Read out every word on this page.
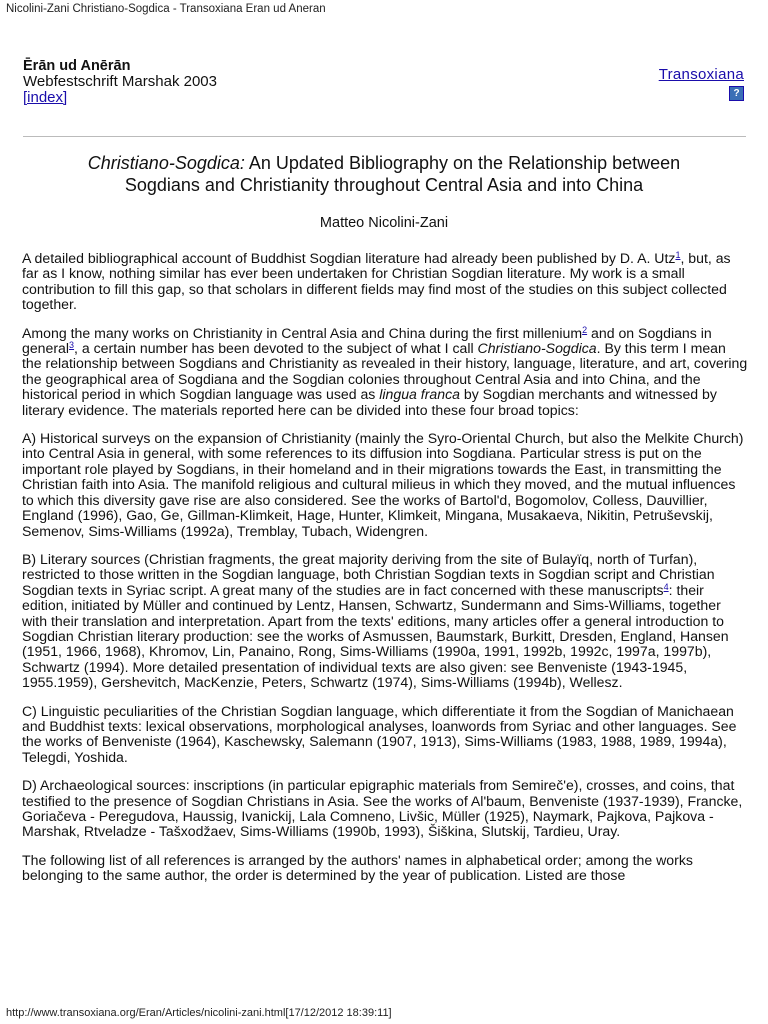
Nicolini-Zani Christiano-Sogdica - Transoxiana Eran ud Aneran
Ērān ud Anērān
Webfestschrift Marshak 2003
[index]
Transoxiana
?
Christiano-Sogdica: An Updated Bibliography on the Relationship between
Sogdians and Christianity throughout Central Asia and into China
Matteo Nicolini-Zani

A detailed bibliographical account of Buddhist Sogdian literature had already been published by D. A. Utz$^1$, but, as far as I know, nothing similar has ever been undertaken for Christian Sogdian literature. My work is a small contribution to fill this gap, so that scholars in different fields may find most of the studies on this subject collected together.

Among the many works on Christianity in Central Asia and China during the first millenium$^2$ and on Sogdians in general$^3$, a certain number has been devoted to the subject of what I call Christiano-Sogdica. By this term I mean the relationship between Sogdians and Christianity as revealed in their history, language, literature, and art, covering the geographical area of Sogdiana and the Sogdian colonies throughout Central Asia and into China, and the historical period in which Sogdian language was used as lingua franca by Sogdian merchants and witnessed by literary evidence. The materials reported here can be divided into these four broad topics:

A) Historical surveys on the expansion of Christianity (mainly the Syro-Oriental Church, but also the Melkite Church) into Central Asia in general, with some references to its diffusion into Sogdiana. Particular stress is put on the important role played by Sogdians, in their homeland and in their migrations towards the East, in transmitting the Christian faith into Asia. The manifold religious and cultural milieus in which they moved, and the mutual influences to which this diversity gave rise are also considered. See the works of Bartol'd, Bogomolov, Colless, Dauvillier, England (1996), Gao, Ge, Gillman-Klimkeit, Hage, Hunter, Klimkeit, Mingana, Musakaeva, Nikitin, Petruševskij, Semenov, Sims-Williams (1992a), Tremblay, Tubach, Widengren.

B) Literary sources (Christian fragments, the great majority deriving from the site of Bulayïq, north of Turfan), restricted to those written in the Sogdian language, both Christian Sogdian texts in Sogdian script and Christian Sogdian texts in Syriac script. A great many of the studies are in fact concerned with these manuscripts$^4$: their edition, initiated by Müller and continued by Lentz, Hansen, Schwartz, Sundermann and Sims-Williams, together with their translation and interpretation. Apart from the texts' editions, many articles offer a general introduction to Sogdian Christian literary production: see the works of Asmussen, Baumstark, Burkitt, Dresden, England, Hansen (1951, 1966, 1968), Khromov, Lin, Panaino, Rong, Sims-Williams (1990a, 1991, 1992b, 1992c, 1997a, 1997b), Schwartz (1994). More detailed presentation of individual texts are also given: see Benveniste (1943-1945, 1955.1959), Gershevitch, MacKenzie, Peters, Schwartz (1974), Sims-Williams (1994b), Wellesz.

C) Linguistic peculiarities of the Christian Sogdian language, which differentiate it from the Sogdian of Manichaean and Buddhist texts: lexical observations, morphological analyses, loanwords from Syriac and other languages. See the works of Benveniste (1964), Kaschewsky, Salemann (1907, 1913), Sims-Williams (1983, 1988, 1989, 1994a), Telegdi, Yoshida.

D) Archaeological sources: inscriptions (in particular epigraphic materials from Semireč'e), crosses, and coins, that testified to the presence of Sogdian Christians in Asia. See the works of Al'baum, Benveniste (1937-1939), Francke, Goriačeva - Peregudova, Haussig, Ivanickij, Lala Comneno, Livšic, Müller (1925), Naymark, Pajkova, Pajkova - Marshak, Rtveladze - Tašxodžaev, Sims-Williams (1990b, 1993), Šiškina, Slutskij, Tardieu, Uray.

The following list of all references is arranged by the authors' names in alphabetical order; among the works belonging to the same author, the order is determined by the year of publication. Listed are those

http://www.transoxiana.org/Eran/Articles/nicolini-zani.html[17/12/2012 18:39:11]
